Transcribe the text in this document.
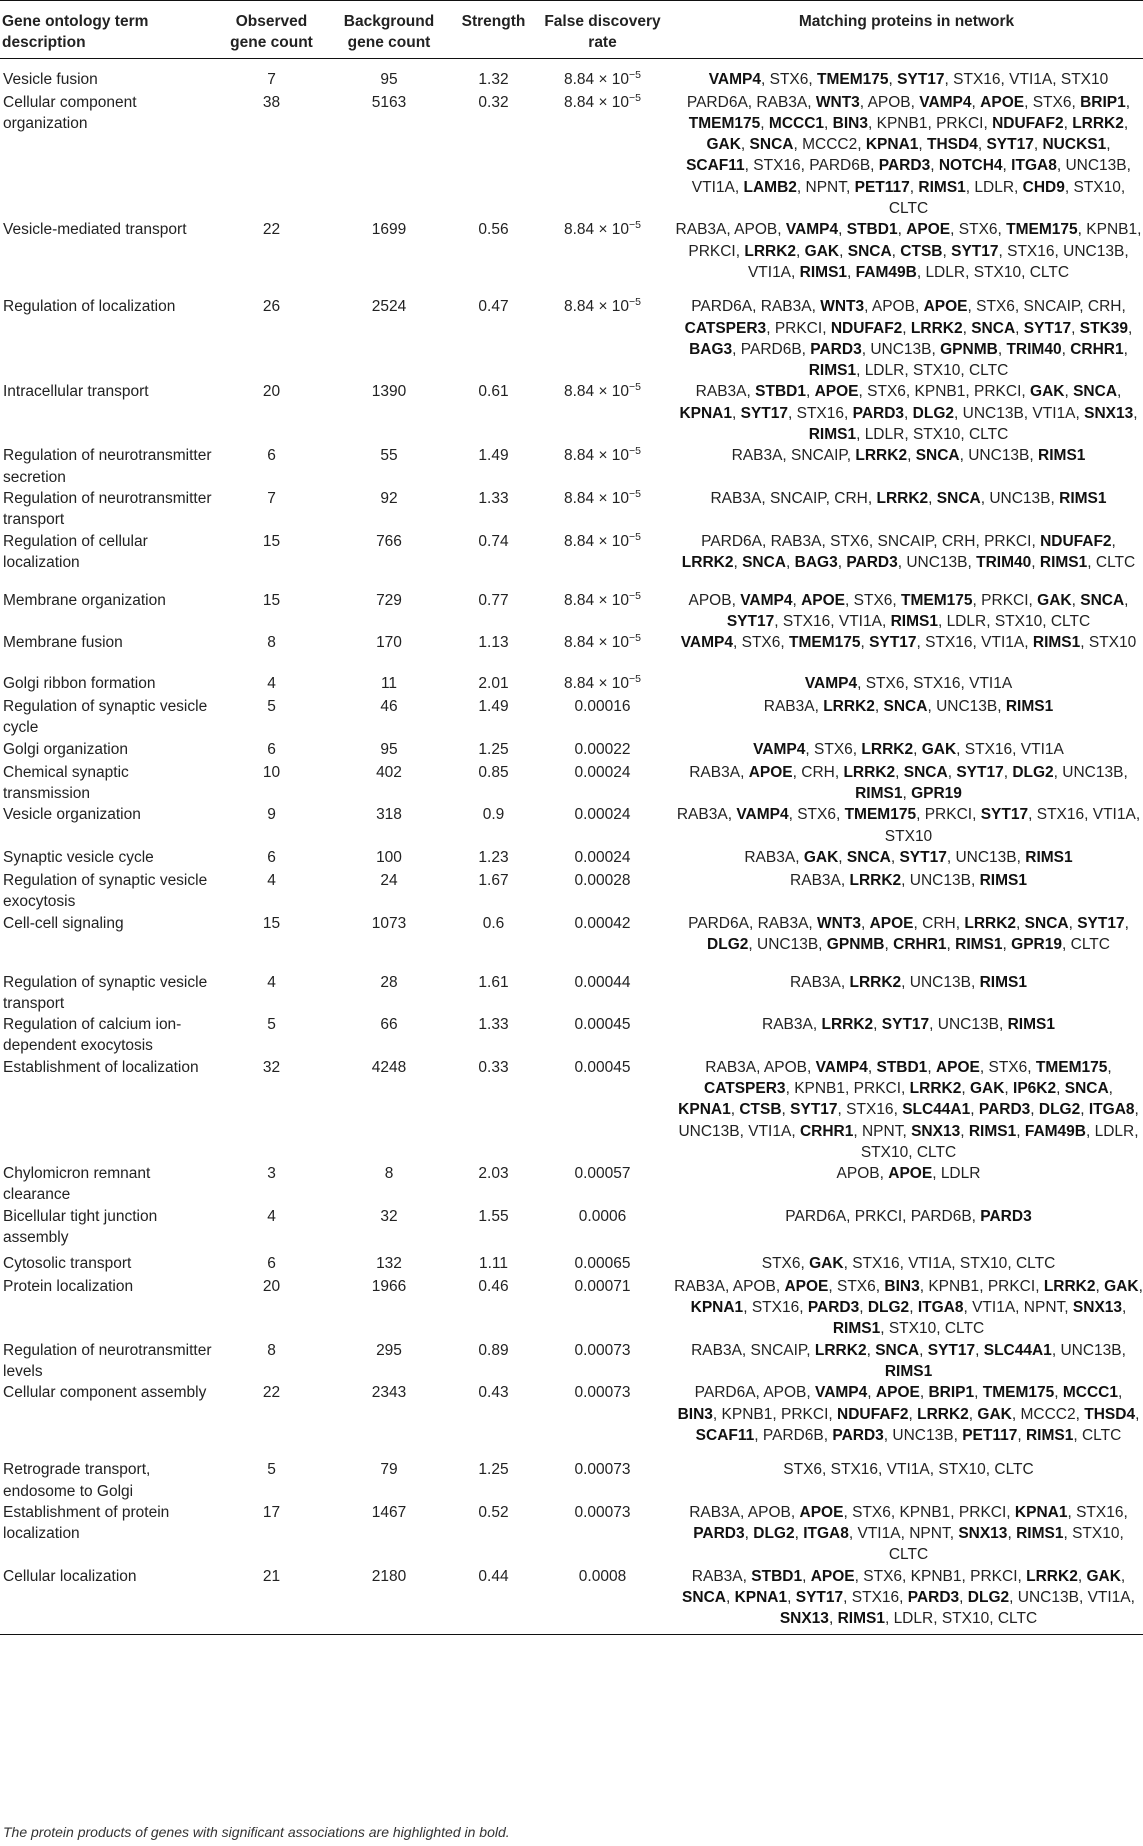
Gene ontology term description	Observed gene count	Background gene count	Strength	False discovery rate	Matching proteins in network
Vesicle fusion	7	95	1.32	$8.84 \times 10^{-5}$	VAMP4, STX6, TMEM175, SYT17, STX16, VTI1A, STX10
Cellular component organization	38	5163	0.32	$8.84 \times 10^{-5}$	PARD6A, RAB3A, WNT3, APOB, VAMP4, APOE, STX6, BRIP1, TMEM175, MCCC1, BIN3, KPNB1, PRKCI, NDUFAF2, LRRK2, GAK, SNCA, MCCC2, KPNA1, THSD4, SYT17, NUCKS1, SCAF11, STX16, PARD6B, PARD3, NOTCH4, ITGA8, UNC13B, VTI1A, LAMB2, NPNT, PET117, RIMS1, LDLR, CHD9, STX10, CLTC
Vesicle-mediated transport	22	1699	0.56	$8.84 \times 10^{-5}$	RAB3A, APOB, VAMP4, STBD1, APOE, STX6, TMEM175, KPNB1, PRKCI, LRRK2, GAK, SNCA, CTSB, SYT17, STX16, UNC13B, VTI1A, RIMS1, FAM49B, LDLR, STX10, CLTC
Regulation of localization	26	2524	0.47	$8.84 \times 10^{-5}$	PARD6A, RAB3A, WNT3, APOB, APOE, STX6, SNCAIP, CRH, CATSPER3, PRKCI, NDUFAF2, LRRK2, SNCA, SYT17, STK39, BAG3, PARD6B, PARD3, UNC13B, GPNMB, TRIM40, CRHR1, RIMS1, LDLR, STX10, CLTC
Intracellular transport	20	1390	0.61	$8.84 \times 10^{-5}$	RAB3A, STBD1, APOE, STX6, KPNB1, PRKCI, GAK, SNCA, KPNA1, SYT17, STX16, PARD3, DLG2, UNC13B, VTI1A, SNX13, RIMS1, LDLR, STX10, CLTC
Regulation of neurotransmitter secretion	6	55	1.49	$8.84 \times 10^{-5}$	RAB3A, SNCAIP, LRRK2, SNCA, UNC13B, RIMS1
Regulation of neurotransmitter transport	7	92	1.33	$8.84 \times 10^{-5}$	RAB3A, SNCAIP, CRH, LRRK2, SNCA, UNC13B, RIMS1
Regulation of cellular localization	15	766	0.74	$8.84 \times 10^{-5}$	PARD6A, RAB3A, STX6, SNCAIP, CRH, PRKCI, NDUFAF2, LRRK2, SNCA, BAG3, PARD3, UNC13B, TRIM40, RIMS1, CLTC
Membrane organization	15	729	0.77	$8.84 \times 10^{-5}$	APOB, VAMP4, APOE, STX6, TMEM175, PRKCI, GAK, SNCA, SYT17, STX16, VTI1A, RIMS1, LDLR, STX10, CLTC
Membrane fusion	8	170	1.13	$8.84 \times 10^{-5}$	VAMP4, STX6, TMEM175, SYT17, STX16, VTI1A, RIMS1, STX10
Golgi ribbon formation	4	11	2.01	$8.84 \times 10^{-5}$	VAMP4, STX6, STX16, VTI1A
Regulation of synaptic vesicle cycle	5	46	1.49	0.00016	RAB3A, LRRK2, SNCA, UNC13B, RIMS1
Golgi organization	6	95	1.25	0.00022	VAMP4, STX6, LRRK2, GAK, STX16, VTI1A
Chemical synaptic transmission	10	402	0.85	0.00024	RAB3A, APOE, CRH, LRRK2, SNCA, SYT17, DLG2, UNC13B, RIMS1, GPR19
Vesicle organization	9	318	0.9	0.00024	RAB3A, VAMP4, STX6, TMEM175, PRKCI, SYT17, STX16, VTI1A, STX10
Synaptic vesicle cycle	6	100	1.23	0.00024	RAB3A, GAK, SNCA, SYT17, UNC13B, RIMS1
Regulation of synaptic vesicle exocytosis	4	24	1.67	0.00028	RAB3A, LRRK2, UNC13B, RIMS1
Cell-cell signaling	15	1073	0.6	0.00042	PARD6A, RAB3A, WNT3, APOE, CRH, LRRK2, SNCA, SYT17, DLG2, UNC13B, GPNMB, CRHR1, RIMS1, GPR19, CLTC
Regulation of synaptic vesicle transport	4	28	1.61	0.00044	RAB3A, LRRK2, UNC13B, RIMS1
Regulation of calcium ion-dependent exocytosis	5	66	1.33	0.00045	RAB3A, LRRK2, SYT17, UNC13B, RIMS1
Establishment of localization	32	4248	0.33	0.00045	RAB3A, APOB, VAMP4, STBD1, APOE, STX6, TMEM175, CATSPER3, KPNB1, PRKCI, LRRK2, GAK, IP6K2, SNCA, KPNA1, CTSB, SYT17, STX16, SLC44A1, PARD3, DLG2, ITGA8, UNC13B, VTI1A, CRHR1, NPNT, SNX13, RIMS1, FAM49B, LDLR, STX10, CLTC
Chylomicron remnant clearance	3	8	2.03	0.00057	APOB, APOE, LDLR
Bicellular tight junction assembly	4	32	1.55	0.0006	PARD6A, PRKCI, PARD6B, PARD3
Cytosolic transport	6	132	1.11	0.00065	STX6, GAK, STX16, VTI1A, STX10, CLTC
Protein localization	20	1966	0.46	0.00071	RAB3A, APOB, APOE, STX6, BIN3, KPNB1, PRKCI, LRRK2, GAK, KPNA1, STX16, PARD3, DLG2, ITGA8, VTI1A, NPNT, SNX13, RIMS1, STX10, CLTC
Regulation of neurotransmitter levels	8	295	0.89	0.00073	RAB3A, SNCAIP, LRRK2, SNCA, SYT17, SLC44A1, UNC13B, RIMS1
Cellular component assembly	22	2343	0.43	0.00073	PARD6A, APOB, VAMP4, APOE, BRIP1, TMEM175, MCCC1, BIN3, KPNB1, PRKCI, NDUFAF2, LRRK2, GAK, MCCC2, THSD4, SCAF11, PARD6B, PARD3, UNC13B, PET117, RIMS1, CLTC
Retrograde transport, endosome to Golgi	5	79	1.25	0.00073	STX6, STX16, VTI1A, STX10, CLTC
Establishment of protein localization	17	1467	0.52	0.00073	RAB3A, APOB, APOE, STX6, KPNB1, PRKCI, KPNA1, STX16, PARD3, DLG2, ITGA8, VTI1A, NPNT, SNX13, RIMS1, STX10, CLTC
Cellular localization	21	2180	0.44	0.0008	RAB3A, STBD1, APOE, STX6, KPNB1, PRKCI, LRRK2, GAK, SNCA, KPNA1, SYT17, STX16, PARD3, DLG2, UNC13B, VTI1A, SNX13, RIMS1, LDLR, STX10, CLTC
The protein products of genes with significant associations are highlighted in bold.
